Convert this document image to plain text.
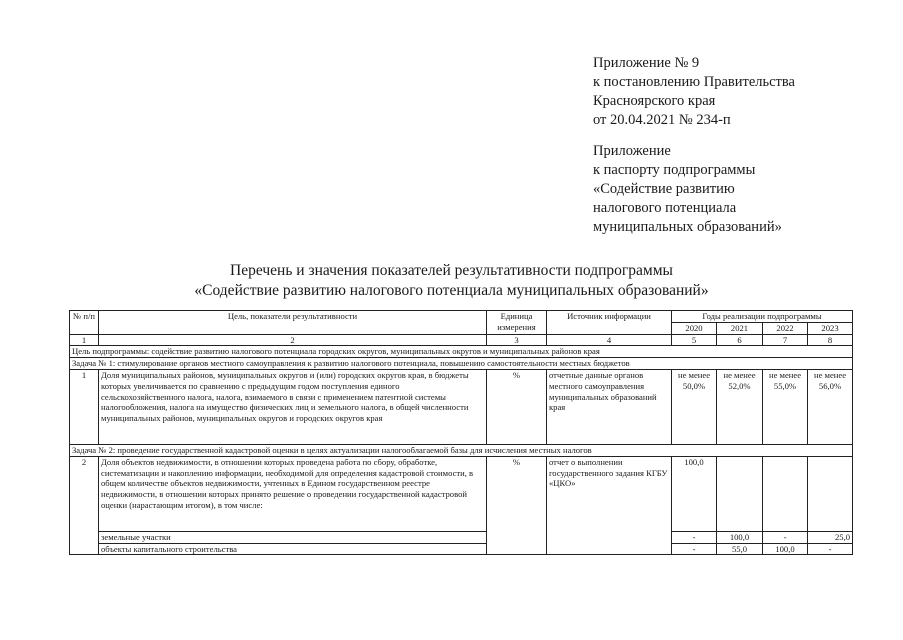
Приложение № 9
к постановлению Правительства
Красноярского края
от 20.04.2021 № 234-п
Приложение
к паспорту подпрограммы
«Содействие развитию
налогового потенциала
муниципальных образований»
Перечень и значения показателей результативности подпрограммы
«Содействие развитию налогового потенциала муниципальных образований»
№ п/п	Цель, показатели результативности	Единица измерения	Источник информации	Годы реализации подпрограммы			
				2020	2021	2022	2023
1	2	3	4	5	6	7	8
Цель подпрограммы: содействие развитию налогового потенциала городских округов, муниципальных округов и муниципальных районов края							
Задача № 1: стимулирование органов местного самоуправления к развитию налогового потенциала, повышению самостоятельности местных бюджетов							
1	Доля муниципальных районов, муниципальных округов и (или) городских округов края, в бюджеты которых увеличивается по сравнению с предыдущим годом поступления единого сельскохозяйственного налога, налога, взимаемого в связи с применением патентной системы налогообложения, налога на имущество физических лиц и земельного налога, в общей численности муниципальных районов, муниципальных округов и городских округов края	%	отчетные данные органов местного самоуправления муниципальных образований края	не менее 50,0%	не менее 52,0%	не менее 55,0%	не менее 56,0%
Задача № 2: проведение государственной кадастровой оценки в целях актуализации налогооблагаемой базы для исчисления местных налогов							
2	Доля объектов недвижимости, в отношении которых проведена работа по сбору, обработке, систематизации и накоплению информации, необходимой для определения кадастровой стоимости, в общем количестве объектов недвижимости, учтенных в Едином государственном реестре недвижимости, в отношении которых принято решение о проведении государственной кадастровой оценки (нарастающим итогом), в том числе:	%	отчет о выполнении государственного задания КГБУ «ЦКО»	100,0			
	земельные участки			-	100,0	-	25,0
	объекты капитального строительства			-	55,0	100,0	-
